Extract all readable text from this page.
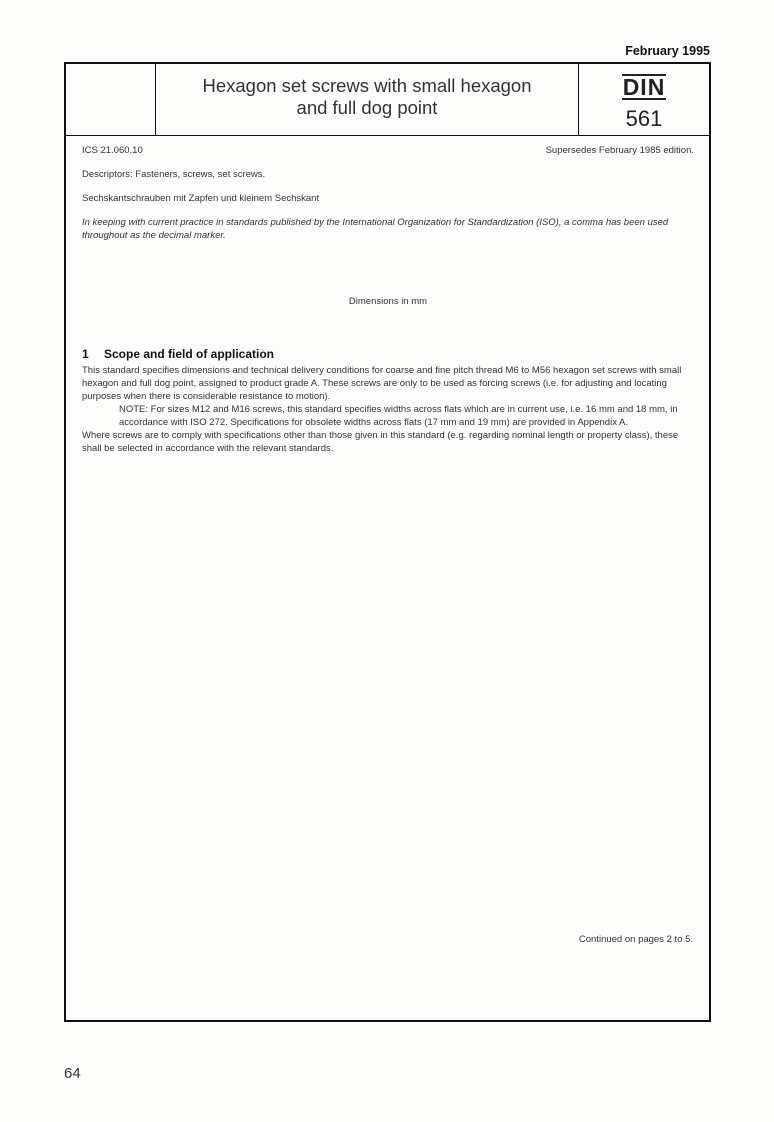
February 1995
Hexagon set screws with small hexagon
and full dog point
DIN
561
ICS 21.060.10	Supersedes February 1985 edition.

Descriptors: Fasteners, screws, set screws.

Sechskantschrauben mit Zapfen und kleinem Sechskant

In keeping with current practice in standards published by the International Organization for Standardization (ISO), a comma has been used throughout as the decimal marker.

Dimensions in mm

1 Scope and field of application

This standard specifies dimensions and technical delivery conditions for coarse and fine pitch thread M6 to M56 hexagon set screws with small hexagon and full dog point, assigned to product grade A. These screws are only to be used as forcing screws (i.e. for adjusting and locating purposes when there is considerable resistance to motion).

NOTE: For sizes M12 and M16 screws, this standard specifies widths across flats which are in current use, i.e. 16 mm and 18 mm, in accordance with ISO 272. Specifications for obsolete widths across flats (17 mm and 19 mm) are provided in Appendix A.

Where screws are to comply with specifications other than those given in this standard (e.g. regarding nominal length or property class), these shall be selected in accordance with the relevant standards.

Continued on pages 2 to 5.
64
